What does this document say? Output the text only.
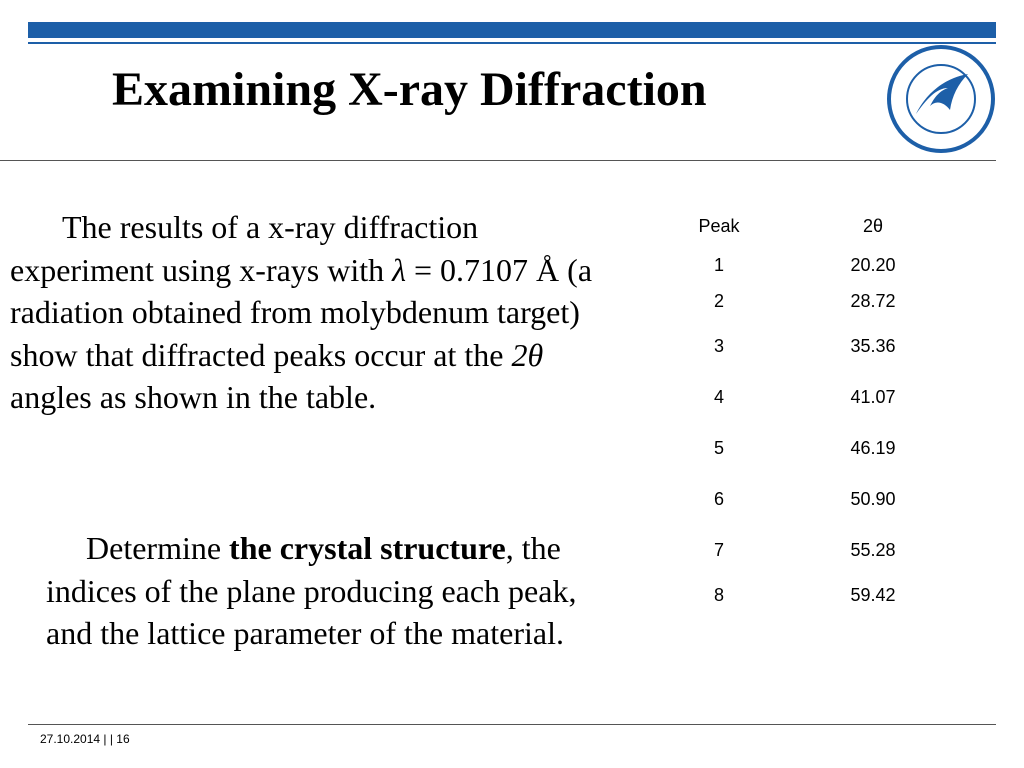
Examining X-ray Diffraction
The results of a x-ray diffraction experiment using x-rays with λ = 0.7107 Å (a radiation obtained from molybdenum target) show that diffracted peaks occur at the 2θ angles as shown in the table.
Determine the crystal structure, the indices of the plane producing each peak, and the lattice parameter of the material.
Peak	2θ
1	20.20
2	28.72
3	35.36
4	41.07
5	46.19
6	50.90
7	55.28
8	59.42
27.10.2014 | | 16
